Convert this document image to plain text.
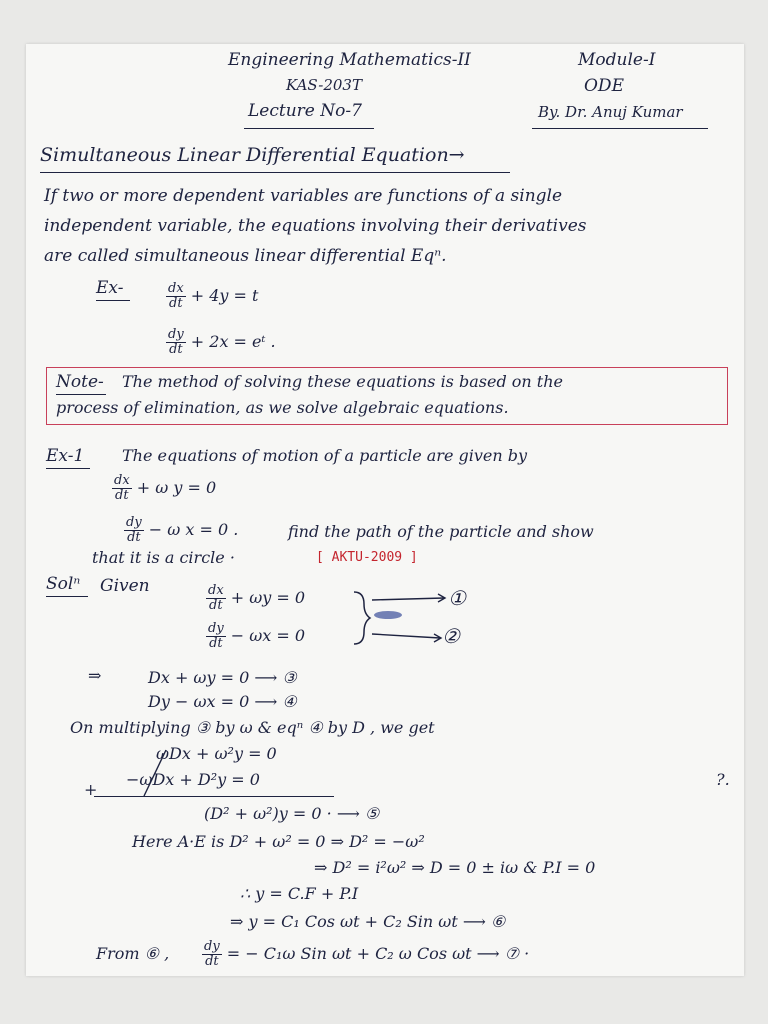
Engineering Mathematics-II
KAS-203T
Lecture No-7
Module-I
ODE
By. Dr. Anuj Kumar
Simultaneous Linear Differential Equation→
If two or more dependent variables are functions of a single
independent variable, the equations involving their derivatives
are called simultaneous linear differential Eqⁿ.
Ex-	$\frac{dx}{dt} + 4y = t$
$\frac{dy}{dt} + 2x$ = eᵗ .
Note- The method of solving these equations is based on the
process of elimination, as we solve algebraic equations.
Ex-1 The equations of motion of a particle are given by
$\frac{dx}{dt} + \omega$ y = 0
$\frac{dy}{dt} - \omega$ x = 0 .	find the path of the particle and show
that it is a circle ·	[ AKTU-2009 ]
Solⁿ Given	$\frac{dx}{dt} + \omega y = 0$
$\frac{dy}{dt} - \omega x = 0$
①
②
⇒	Dx + ωy = 0 ⟶ ③
Dy − ωx = 0 ⟶ ④
On multiplying ③ by ω & eqⁿ ④ by D , we get
ωDx + ω²y = 0
−ωDx + D²y = 0
+
(D² + ω²)y = 0 · ⟶ ⑤
Here A·E is D² + ω² = 0 ⇒ D² = −ω²
⇒ D² = i²ω² ⇒ D = 0 ± iω & P.I = 0
∴ y = C.F + P.I
⇒ y = C₁ Cos ωt + C₂ Sin ωt ⟶ ⑥
From ⑥ ,	$\frac{dy}{dt}$ = − C₁ω Sin ωt + C₂ ω Cos ωt ⟶ ⑦ ·
?.
